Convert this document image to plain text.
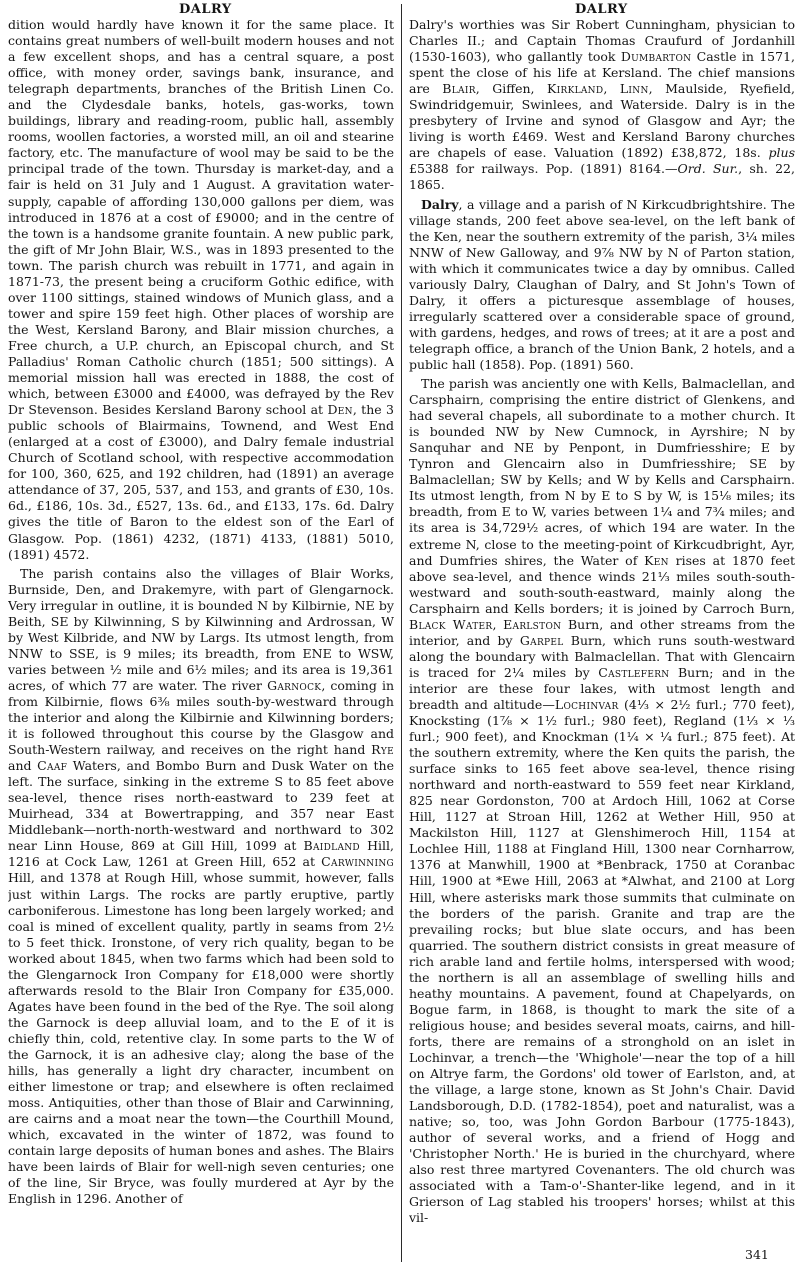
DALRY	DALRY

dition would hardly have known it for the same place. It contains great numbers of well-built modern houses and not a few excellent shops, and has a central square, a post office, with money order, savings bank, insurance, and telegraph departments, branches of the British Linen Co. and the Clydesdale banks, hotels, gas-works, town buildings, library and reading-room, public hall, assembly rooms, woollen factories, a worsted mill, an oil and stearine factory, etc. The manufacture of wool may be said to be the principal trade of the town. Thursday is market-day, and a fair is held on 31 July and 1 August. A gravitation water-supply, capable of affording 130,000 gallons per diem, was introduced in 1876 at a cost of £9000; and in the centre of the town is a handsome granite fountain. A new public park, the gift of Mr John Blair, W.S., was in 1893 presented to the town. The parish church was rebuilt in 1771, and again in 1871-73, the present being a cruciform Gothic edifice, with over 1100 sittings, stained windows of Munich glass, and a tower and spire 159 feet high. Other places of worship are the West, Kersland Barony, and Blair mission churches, a Free church, a U.P. church, an Episcopal church, and St Palladius' Roman Catholic church (1851; 500 sittings). A memorial mission hall was erected in 1888, the cost of which, between £3000 and £4000, was defrayed by the Rev Dr Stevenson. Besides Kersland Barony school at Den, the 3 public schools of Blairmains, Townend, and West End (enlarged at a cost of £3000), and Dalry female industrial Church of Scotland school, with respective accommodation for 100, 360, 625, and 192 children, had (1891) an average attendance of 37, 205, 537, and 153, and grants of £30, 10s. 6d., £186, 10s. 3d., £527, 13s. 6d., and £133, 17s. 6d. Dalry gives the title of Baron to the eldest son of the Earl of Glasgow. Pop. (1861) 4232, (1871) 4133, (1881) 5010, (1891) 4572.

The parish contains also the villages of Blair Works, Burnside, Den, and Drakemyre, with part of Glengarnock. Very irregular in outline, it is bounded N by Kilbirnie, NE by Beith, SE by Kilwinning, S by Kilwinning and Ardrossan, W by West Kilbride, and NW by Largs. Its utmost length, from NNW to SSE, is 9 miles; its breadth, from ENE to WSW, varies between ½ mile and 6½ miles; and its area is 19,361 acres, of which 77 are water. The river Garnock, coming in from Kilbirnie, flows 6⅜ miles south-by-westward through the interior and along the Kilbirnie and Kilwinning borders; it is followed throughout this course by the Glasgow and South-Western railway, and receives on the right hand Rye and Caaf Waters, and Bombo Burn and Dusk Water on the left. The surface, sinking in the extreme S to 85 feet above sea-level, thence rises north-eastward to 239 feet at Muirhead, 334 at Bowertrapping, and 357 near East Middlebank—north-north-westward and northward to 302 near Linn House, 869 at Gill Hill, 1099 at Baidland Hill, 1216 at Cock Law, 1261 at Green Hill, 652 at Carwinning Hill, and 1378 at Rough Hill, whose summit, however, falls just within Largs. The rocks are partly eruptive, partly carboniferous. Limestone has long been largely worked; and coal is mined of excellent quality, partly in seams from 2½ to 5 feet thick. Ironstone, of very rich quality, began to be worked about 1845, when two farms which had been sold to the Glengarnock Iron Company for £18,000 were shortly afterwards resold to the Blair Iron Company for £35,000. Agates have been found in the bed of the Rye. The soil along the Garnock is deep alluvial loam, and to the E of it is chiefly thin, cold, retentive clay. In some parts to the W of the Garnock, it is an adhesive clay; along the base of the hills, has generally a light dry character, incumbent on either limestone or trap; and elsewhere is often reclaimed moss. Antiquities, other than those of Blair and Carwinning, are cairns and a moat near the town—the Courthill Mound, which, excavated in the winter of 1872, was found to contain large deposits of human bones and ashes. The Blairs have been lairds of Blair for well-nigh seven centuries; one of the line, Sir Bryce, was foully murdered at Ayr by the English in 1296. Another of

Dalry's worthies was Sir Robert Cunningham, physician to Charles II.; and Captain Thomas Craufurd of Jordanhill (1530-1603), who gallantly took Dumbarton Castle in 1571, spent the close of his life at Kersland. The chief mansions are Blair, Giffen, Kirkland, Linn, Maulside, Ryefield, Swindridgemuir, Swinlees, and Waterside. Dalry is in the presbytery of Irvine and synod of Glasgow and Ayr; the living is worth £469. West and Kersland Barony churches are chapels of ease. Valuation (1892) £38,872, 18s. plus £5388 for railways. Pop. (1891) 8164.—Ord. Sur., sh. 22, 1865.

Dalry, a village and a parish of N Kirkcudbrightshire. The village stands, 200 feet above sea-level, on the left bank of the Ken, near the southern extremity of the parish, 3¼ miles NNW of New Galloway, and 9⅞ NW by N of Parton station, with which it communicates twice a day by omnibus. Called variously Dalry, Claughan of Dalry, and St John's Town of Dalry, it offers a picturesque assemblage of houses, irregularly scattered over a considerable space of ground, with gardens, hedges, and rows of trees; at it are a post and telegraph office, a branch of the Union Bank, 2 hotels, and a public hall (1858). Pop. (1891) 560.

The parish was anciently one with Kells, Balmaclellan, and Carsphairn, comprising the entire district of Glenkens, and had several chapels, all subordinate to a mother church. It is bounded NW by New Cumnock, in Ayrshire; N by Sanquhar and NE by Penpont, in Dumfriesshire; E by Tynron and Glencairn also in Dumfriesshire; SE by Balmaclellan; SW by Kells; and W by Kells and Carsphairn. Its utmost length, from N by E to S by W, is 15⅛ miles; its breadth, from E to W, varies between 1¼ and 7¾ miles; and its area is 34,729½ acres, of which 194 are water. In the extreme N, close to the meeting-point of Kirkcudbright, Ayr, and Dumfries shires, the Water of Ken rises at 1870 feet above sea-level, and thence winds 21⅓ miles south-south-westward and south-south-eastward, mainly along the Carsphairn and Kells borders; it is joined by Carroch Burn, Black Water, Earlston Burn, and other streams from the interior, and by Garpel Burn, which runs south-westward along the boundary with Balmaclellan. That with Glencairn is traced for 2¼ miles by Castlefern Burn; and in the interior are these four lakes, with utmost length and breadth and altitude—Lochinvar (4⅓ × 2½ furl.; 770 feet), Knocksting (1⅞ × 1½ furl.; 980 feet), Regland (1⅓ × ⅓ furl.; 900 feet), and Knockman (1¼ × ¼ furl.; 875 feet). At the southern extremity, where the Ken quits the parish, the surface sinks to 165 feet above sea-level, thence rising northward and north-eastward to 559 feet near Kirkland, 825 near Gordonston, 700 at Ardoch Hill, 1062 at Corse Hill, 1127 at Stroan Hill, 1262 at Wether Hill, 950 at Mackilston Hill, 1127 at Glenshimeroch Hill, 1154 at Lochlee Hill, 1188 at Fingland Hill, 1300 near Cornharrow, 1376 at Manwhill, 1900 at *Benbrack, 1750 at Coranbac Hill, 1900 at *Ewe Hill, 2063 at *Alwhat, and 2100 at Lorg Hill, where asterisks mark those summits that culminate on the borders of the parish. Granite and trap are the prevailing rocks; but blue slate occurs, and has been quarried. The southern district consists in great measure of rich arable land and fertile holms, interspersed with wood; the northern is all an assemblage of swelling hills and heathy mountains. A pavement, found at Chapelyards, on Bogue farm, in 1868, is thought to mark the site of a religious house; and besides several moats, cairns, and hill-forts, there are remains of a stronghold on an islet in Lochinvar, a trench—the 'Whighole'—near the top of a hill on Altrye farm, the Gordons' old tower of Earlston, and, at the village, a large stone, known as St John's Chair. David Landsborough, D.D. (1782-1854), poet and naturalist, was a native; so, too, was John Gordon Barbour (1775-1843), author of several works, and a friend of Hogg and 'Christopher North.' He is buried in the churchyard, where also rest three martyred Covenanters. The old church was associated with a Tam-o'-Shanter-like legend, and in it Grierson of Lag stabled his troopers' horses; whilst at this vil-

341
